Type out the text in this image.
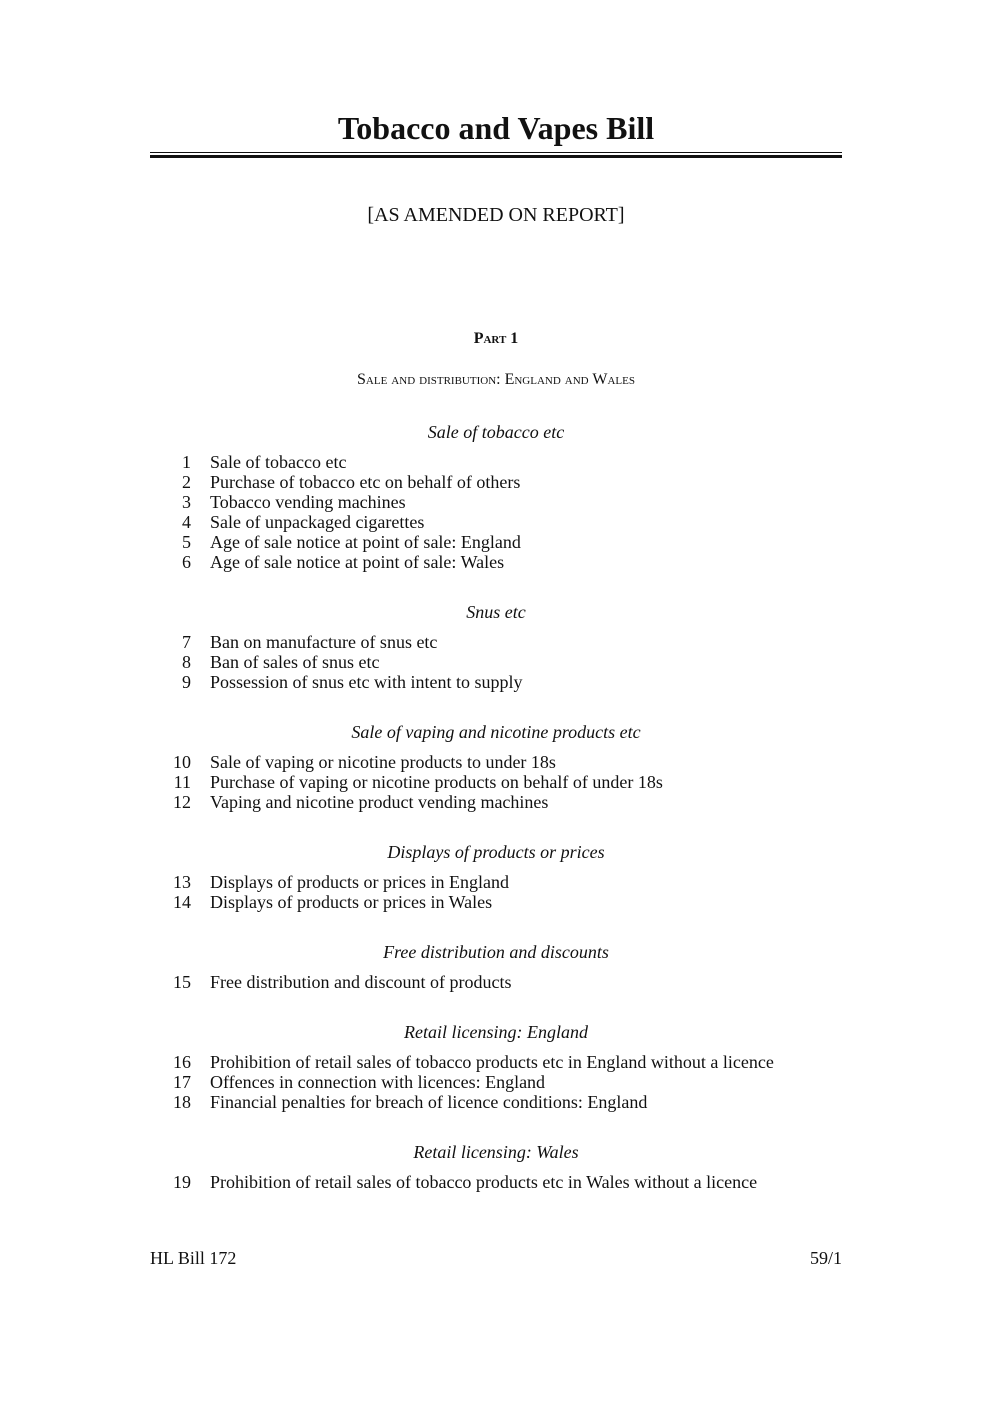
Tobacco and Vapes Bill
[AS AMENDED ON REPORT]
Part 1
Sale and distribution: England and Wales
Sale of tobacco etc
1	Sale of tobacco etc
2	Purchase of tobacco etc on behalf of others
3	Tobacco vending machines
4	Sale of unpackaged cigarettes
5	Age of sale notice at point of sale: England
6	Age of sale notice at point of sale: Wales
Snus etc
7	Ban on manufacture of snus etc
8	Ban of sales of snus etc
9	Possession of snus etc with intent to supply
Sale of vaping and nicotine products etc
10	Sale of vaping or nicotine products to under 18s
11	Purchase of vaping or nicotine products on behalf of under 18s
12	Vaping and nicotine product vending machines
Displays of products or prices
13	Displays of products or prices in England
14	Displays of products or prices in Wales
Free distribution and discounts
15	Free distribution and discount of products
Retail licensing: England
16	Prohibition of retail sales of tobacco products etc in England without a licence
17	Offences in connection with licences: England
18	Financial penalties for breach of licence conditions: England
Retail licensing: Wales
19	Prohibition of retail sales of tobacco products etc in Wales without a licence
HL Bill 172	59/1
